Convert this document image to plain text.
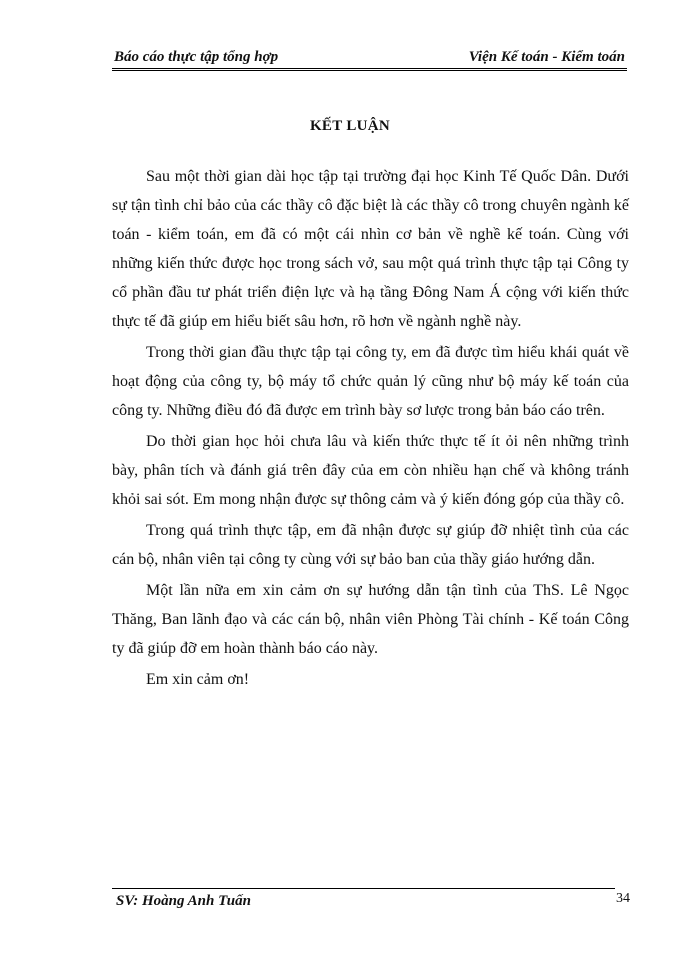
Báo cáo thực tập tổng hợp	Viện Kế toán - Kiểm toán
KẾT LUẬN

Sau một thời gian dài học tập tại trường đại học Kinh Tế Quốc Dân. Dưới sự tận tình chỉ bảo của các thầy cô đặc biệt là các thầy cô trong chuyên ngành kế toán - kiểm toán, em đã có một cái nhìn cơ bản về nghề kế toán. Cùng với những kiến thức được học trong sách vở, sau một quá trình thực tập tại Công ty cổ phần đầu tư phát triển điện lực và hạ tầng Đông Nam Á cộng với kiến thức thực tế đã giúp em hiểu biết sâu hơn, rõ hơn về ngành nghề này.

Trong thời gian đầu thực tập tại công ty, em đã được tìm hiểu khái quát về hoạt động của công ty, bộ máy tổ chức quản lý cũng như bộ máy kế toán của công ty. Những điều đó đã được em trình bày sơ lược trong bản báo cáo trên.

Do thời gian học hỏi chưa lâu và kiến thức thực tế ít ỏi nên những trình bày, phân tích và đánh giá trên đây của em còn nhiều hạn chế và không tránh khỏi sai sót. Em mong nhận được sự thông cảm và ý kiến đóng góp của thầy cô.

Trong quá trình thực tập, em đã nhận được sự giúp đỡ nhiệt tình của các cán bộ, nhân viên tại công ty cùng với sự bảo ban của thầy giáo hướng dẫn.

Một lần nữa em xin cảm ơn sự hướng dẫn tận tình của ThS. Lê Ngọc Thăng, Ban lãnh đạo và các cán bộ, nhân viên Phòng Tài chính - Kế toán Công ty đã giúp đỡ em hoàn thành báo cáo này.

Em xin cảm ơn!

SV: Hoàng Anh Tuấn	34
